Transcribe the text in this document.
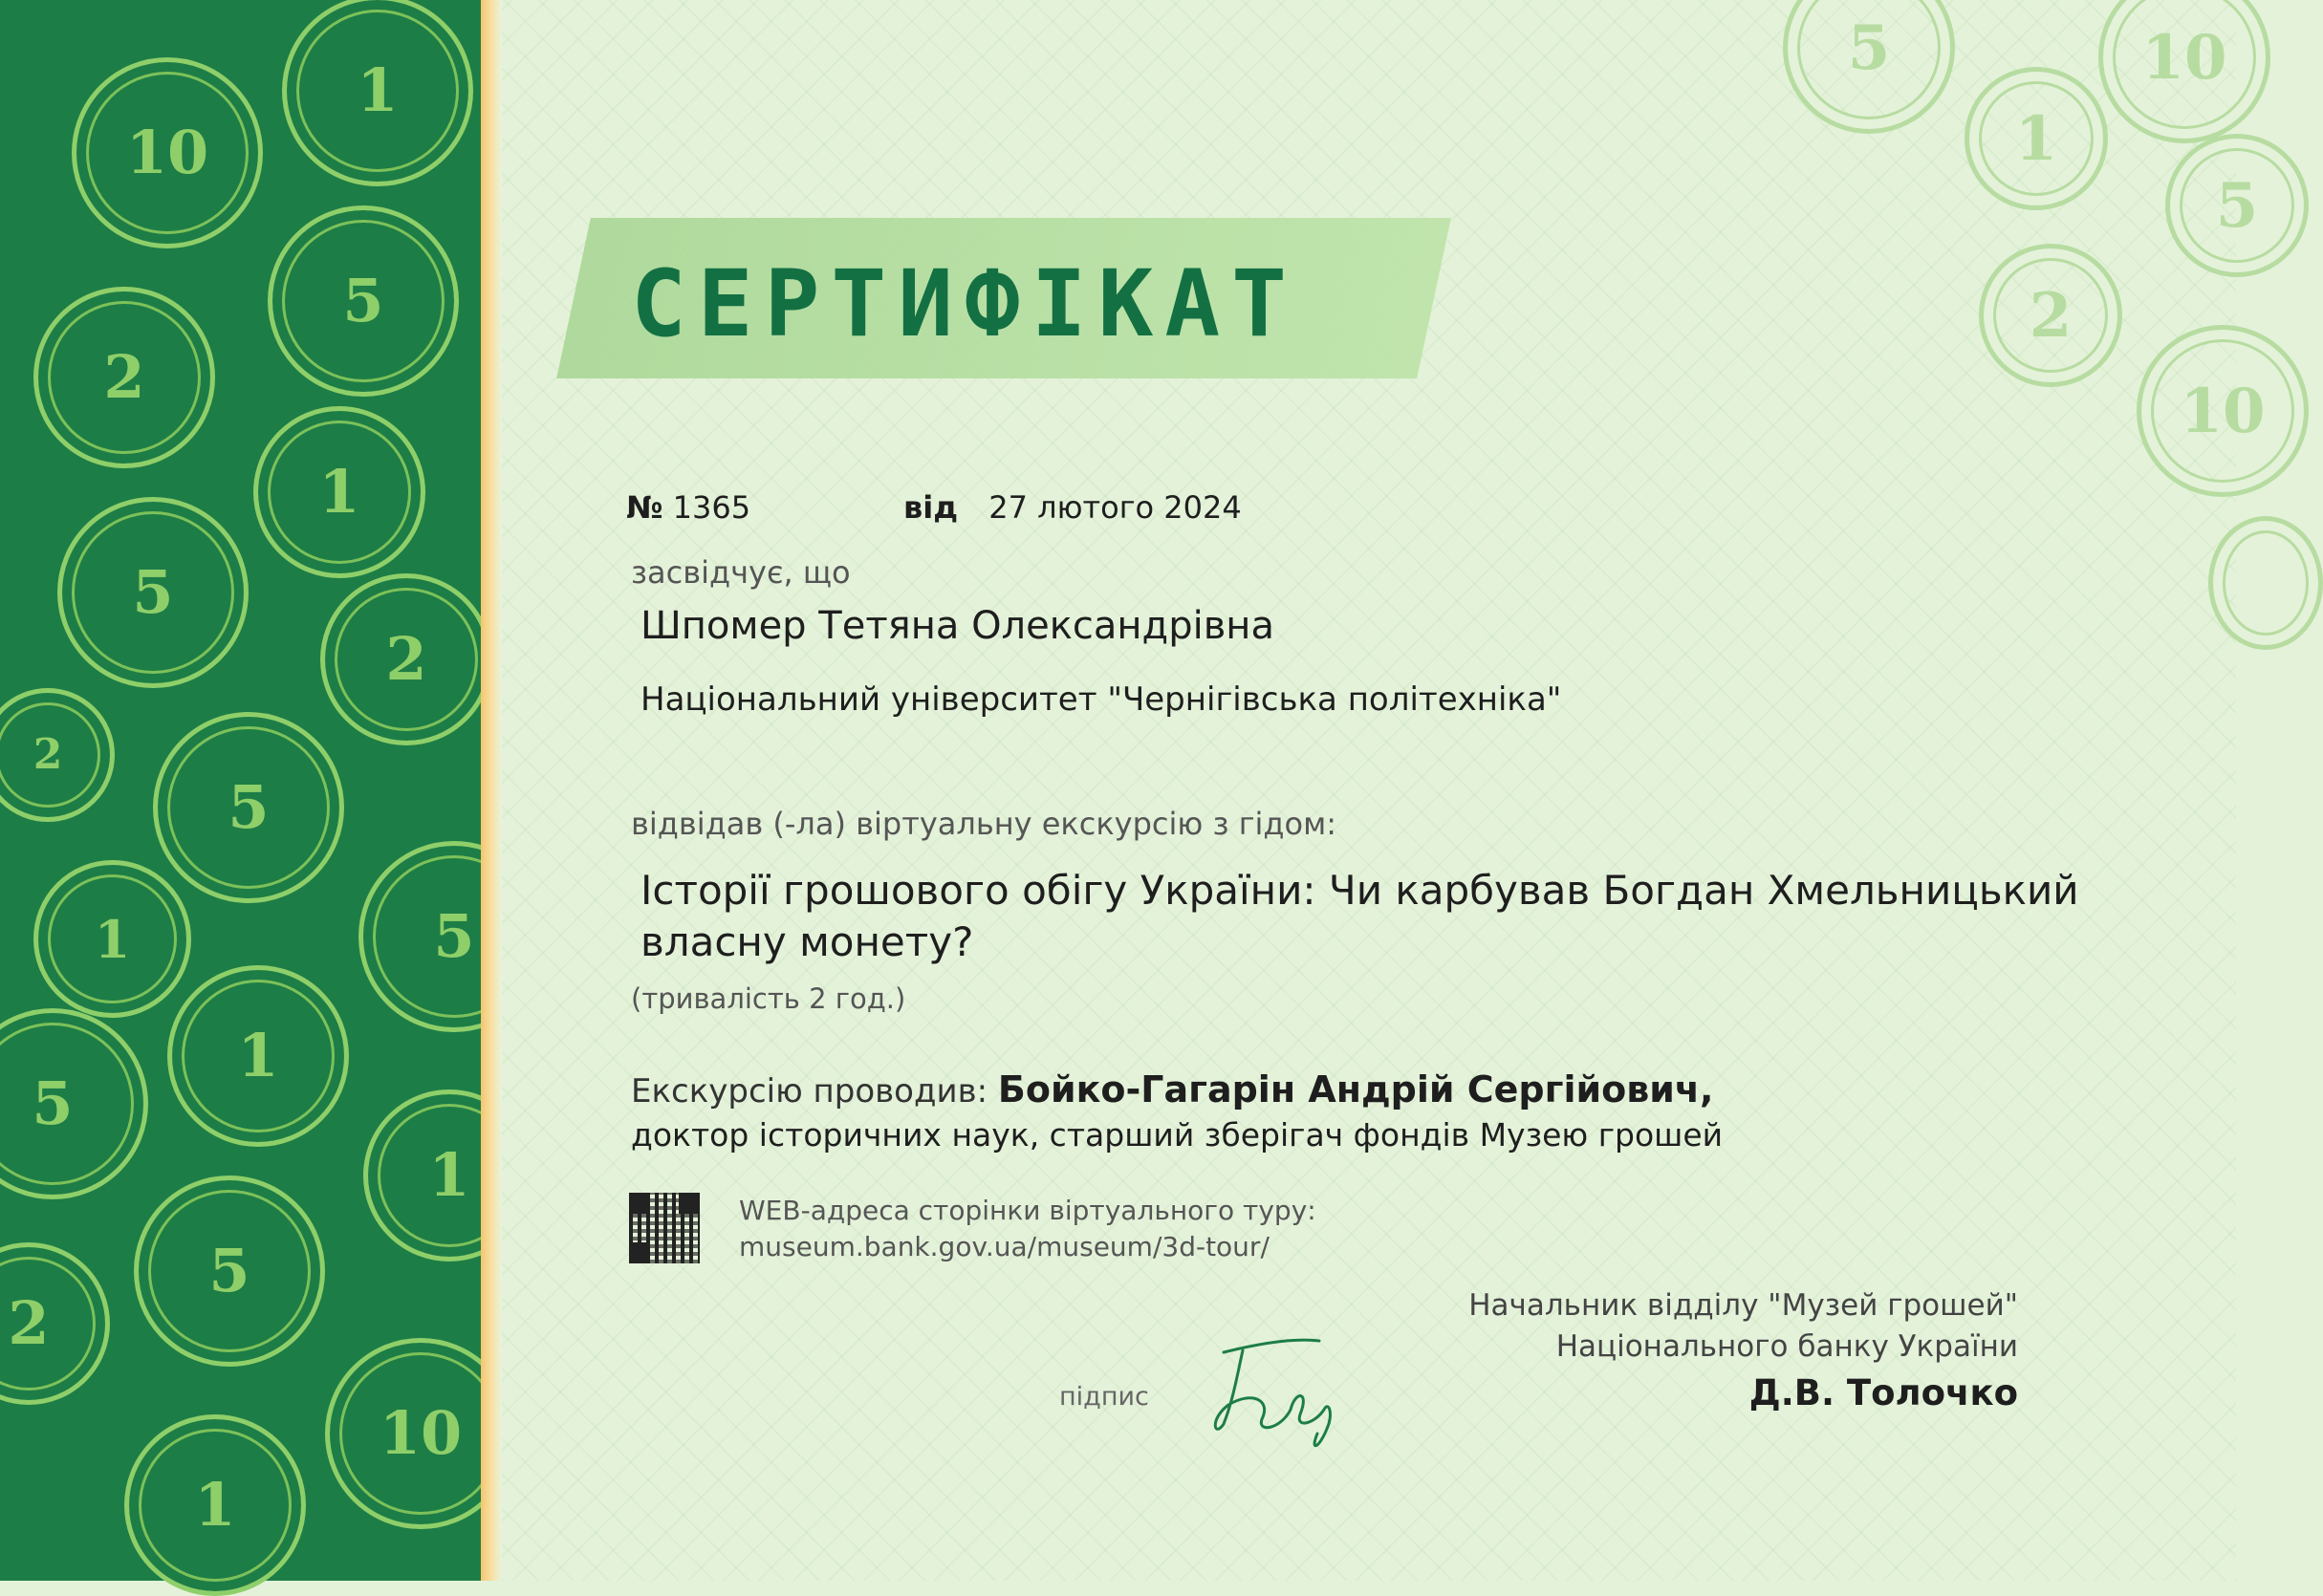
10
1
5
2
1
5
2
2
5
1	5
1
5
1
5
2
10
1
5	10
1
5
2
10
СЕРТИФІКАТ
№ 1365	від 27 лютого 2024
засвідчує, що
Шпомер Тетяна Олександрівна
Національний університет "Чернігівська політехніка"
відвідав (-ла) віртуальну екскурсію з гідом:
Історії грошового обігу України: Чи карбував Богдан Хмельницький власну монету?
(тривалість 2 год.)
Екскурсію проводив: Бойко-Гагарін Андрій Сергійович,
доктор історичних наук, старший зберігач фондів Музею грошей
WEB-адреса сторінки віртуального туру:
museum.bank.gov.ua/museum/3d-tour/
Начальник відділу "Музей грошей"
Національного банку України
Д.В. Толочко
підпис
